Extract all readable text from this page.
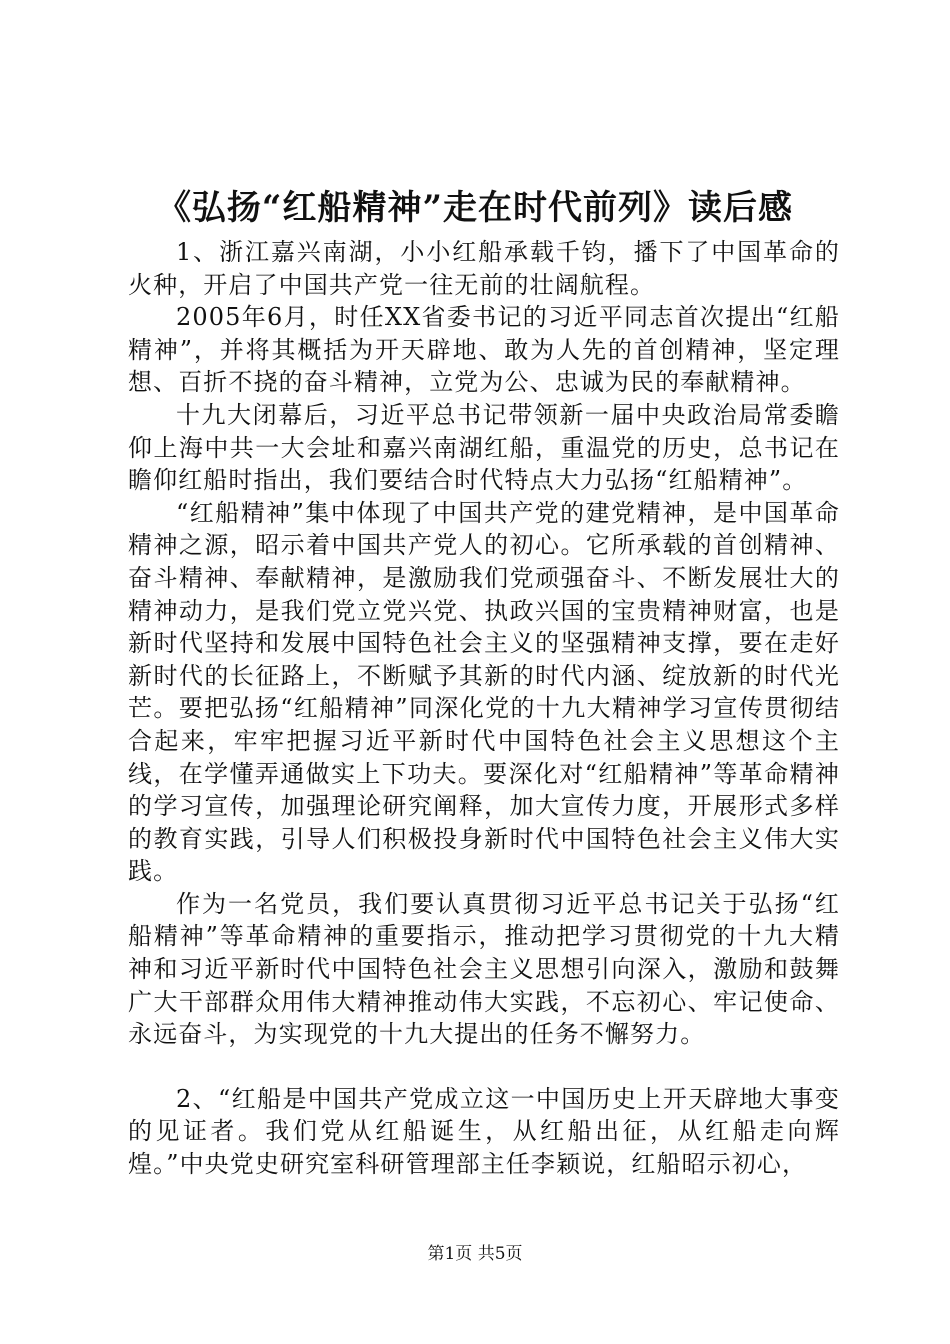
《弘扬“红船精神”走在时代前列》读后感

1、浙江嘉兴南湖，小小红船承载千钧，播下了中国革命的火种，开启了中国共产党一往无前的壮阔航程。

2005年6月，时任XX省委书记的习近平同志首次提出“红船精神”，并将其概括为开天辟地、敢为人先的首创精神，坚定理想、百折不挠的奋斗精神，立党为公、忠诚为民的奉献精神。

十九大闭幕后，习近平总书记带领新一届中央政治局常委瞻仰上海中共一大会址和嘉兴南湖红船，重温党的历史，总书记在瞻仰红船时指出，我们要结合时代特点大力弘扬“红船精神”。

“红船精神”集中体现了中国共产党的建党精神，是中国革命精神之源，昭示着中国共产党人的初心。它所承载的首创精神、奋斗精神、奉献精神，是激励我们党顽强奋斗、不断发展壮大的精神动力，是我们党立党兴党、执政兴国的宝贵精神财富，也是新时代坚持和发展中国特色社会主义的坚强精神支撑，要在走好新时代的长征路上，不断赋予其新的时代内涵、绽放新的时代光芒。要把弘扬“红船精神”同深化党的十九大精神学习宣传贯彻结合起来，牢牢把握习近平新时代中国特色社会主义思想这个主线，在学懂弄通做实上下功夫。要深化对“红船精神”等革命精神的学习宣传，加强理论研究阐释，加大宣传力度，开展形式多样的教育实践，引导人们积极投身新时代中国特色社会主义伟大实践。

作为一名党员，我们要认真贯彻习近平总书记关于弘扬“红船精神”等革命精神的重要指示，推动把学习贯彻党的十九大精神和习近平新时代中国特色社会主义思想引向深入，激励和鼓舞广大干部群众用伟大精神推动伟大实践，不忘初心、牢记使命、永远奋斗，为实现党的十九大提出的任务不懈努力。

2、“红船是中国共产党成立这一中国历史上开天辟地大事变的见证者。我们党从红船诞生，从红船出征，从红船走向辉煌。”中央党史研究室科研管理部主任李颖说，红船昭示初心，

第1页 共5页
